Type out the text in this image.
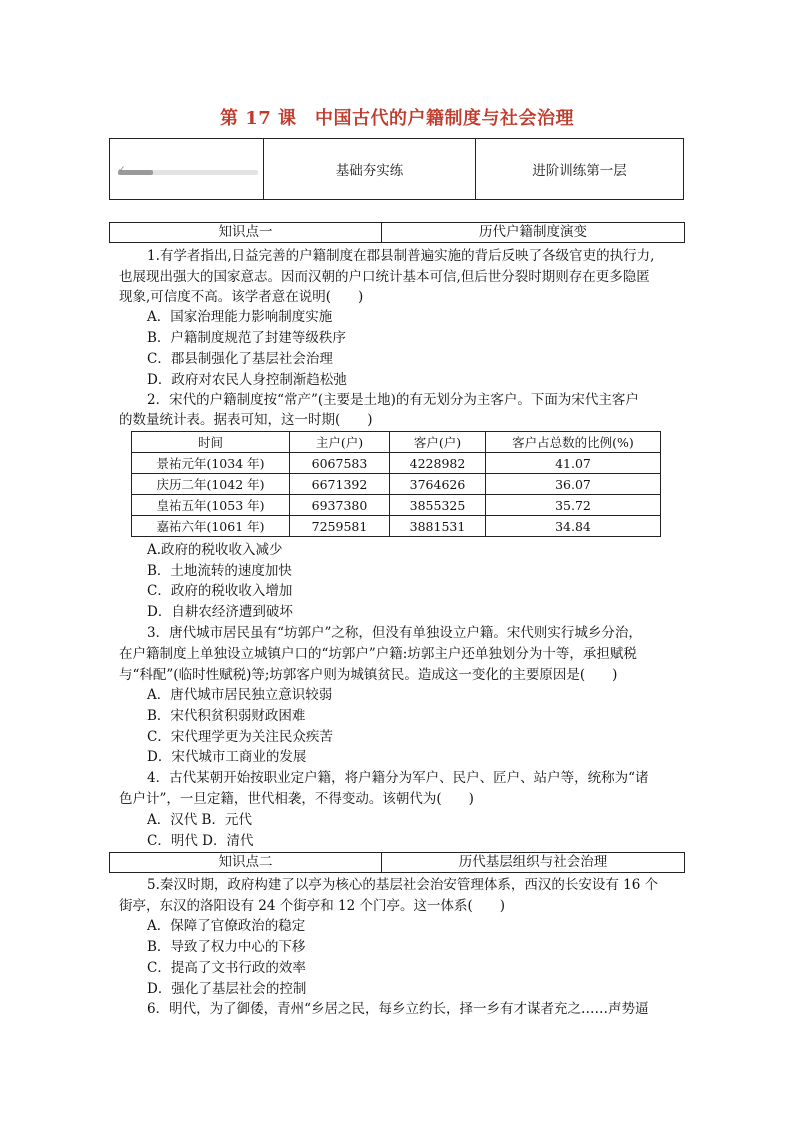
第 17 课　中国古代的户籍制度与社会治理
✓	基础夯实练	进阶训练第一层
知识点一	历代户籍制度演变
1.有学者指出,日益完善的户籍制度在郡县制普遍实施的背后反映了各级官吏的执行力,
也展现出强大的国家意志。因而汉朝的户口统计基本可信,但后世分裂时期则存在更多隐匿
现象,可信度不高。该学者意在说明(　　)
A．国家治理能力影响制度实施
B．户籍制度规范了封建等级秩序
C．郡县制强化了基层社会治理
D．政府对农民人身控制渐趋松弛
2．宋代的户籍制度按“常产”(主要是土地)的有无划分为主客户。下面为宋代主客户
的数量统计表。据表可知，这一时期(　　)
时间	主户(户)	客户(户)	客户占总数的比例(%)
景祐元年(1034 年)	6067583	4228982	41.07
庆历二年(1042 年)	6671392	3764626	36.07
皇祐五年(1053 年)	6937380	3855325	35.72
嘉祐六年(1061 年)	7259581	3881531	34.84
A.政府的税收收入减少
B．土地流转的速度加快
C．政府的税收收入增加
D．自耕农经济遭到破坏
3．唐代城市居民虽有“坊郭户”之称，但没有单独设立户籍。宋代则实行城乡分治，
在户籍制度上单独设立城镇户口的“坊郭户”户籍:坊郭主户还单独划分为十等，承担赋税
与“科配”(临时性赋税)等;坊郭客户则为城镇贫民。造成这一变化的主要原因是(　　)
A．唐代城市居民独立意识较弱
B．宋代积贫积弱财政困难
C．宋代理学更为关注民众疾苦
D．宋代城市工商业的发展
4．古代某朝开始按职业定户籍，将户籍分为军户、民户、匠户、站户等，统称为“诸
色户计”，一旦定籍，世代相袭，不得变动。该朝代为(　　)
A．汉代 B．元代
C．明代 D．清代
知识点二	历代基层组织与社会治理
5.秦汉时期，政府构建了以亭为核心的基层社会治安管理体系，西汉的长安设有 16 个
街亭，东汉的洛阳设有 24 个街亭和 12 个门亭。这一体系(　　)
A．保障了官僚政治的稳定
B．导致了权力中心的下移
C．提高了文书行政的效率
D．强化了基层社会的控制
6．明代，为了御倭，青州“乡居之民，每乡立约长，择一乡有才谋者充之……声势逼
